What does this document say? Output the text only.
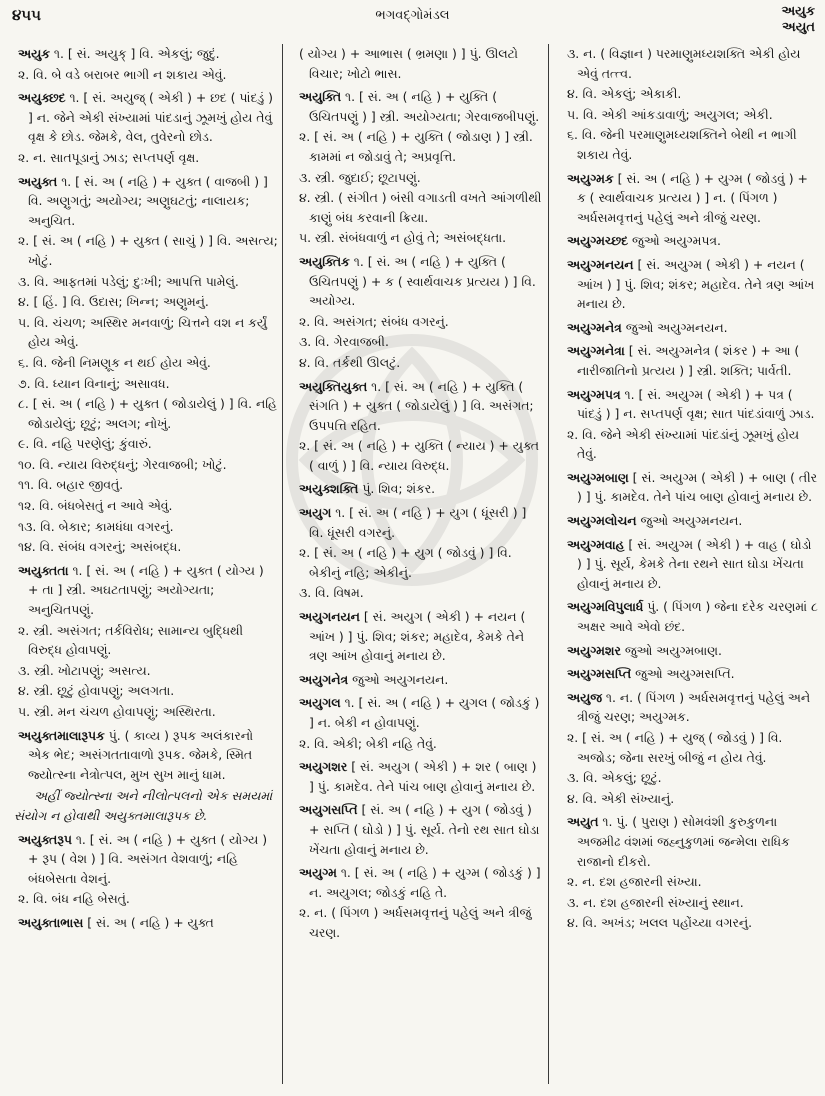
૪૫૫	ભગવદ્ગોમંડલ	અયુક
અયુત
અયુક ૧. [ સં. અયુક્ ] વિ. એકલું; જુદું.
૨. વિ. બે વડે બરાબર ભાગી ન શકાય એવું.
અયુક્છદ ૧. [ સં. અયુજ્ ( એકી ) + છદ ( પાંદડું ) ] ન. જેને એકી સંખ્યામાં પાંદડાનું ઝૂમખું હોય તેવું વૃક્ષ કે છોડ. જેમકે, વેલ, તુવેરનો છોડ.
૨. ન. સાતપૂડાનું ઝાડ; સપ્તપર્ણ વૃક્ષ.
અયુક્ત ૧. [ સં. અ ( નહિ ) + યુક્ત ( વાજબી ) ] વિ. અણુગતું; અયોગ્ય; અણુઘટતું; નાલાયક; અનુચિત.
૨. [ સં. અ ( નહિ ) + યુક્ત ( સાચું ) ] વિ. અસત્ય; ખોટું.
૩. વિ. આફતમાં પડેલું; દુઃખી; આપત્તિ પામેલું.
૪. [ હિં. ] વિ. ઉદાસ; ખિન્ન; અણુમનું.
૫. વિ. ચંચળ; અસ્થિર મનવાળું; ચિત્તને વશ ન કર્યું હોય એવું.
૬. વિ. જેની નિમણૂક ન થઈ હોય એવું.
૭. વિ. ધ્યાન વિનાનું; અસાવધ.
૮. [ સં. અ ( નહિ ) + યુક્ત ( જોડાયેલું ) ] વિ. નહિ જોડાયેલું; છૂટું; અલગ; નોખું.
૯. વિ. નહિ પરણેલું; કુંવારું.
૧૦. વિ. ન્યાય વિરુદ્ધનું; ગેરવાજબી; ખોટું.
૧૧. વિ. બહાર જીવતું.
૧૨. વિ. બંધબેસતું ન આવે એવું.
૧૩. વિ. બેકાર; કામધંધા વગરનું.
૧૪. વિ. સંબંધ વગરનું; અસંબદ્ધ.
અયુક્તતા ૧. [ સં. અ ( નહિ ) + યુક્ત ( યોગ્ય ) + તા ] સ્ત્રી. અઘટતાપણું; અયોગ્યતા; અનુચિતપણું.
૨. સ્ત્રી. અસંગત; તર્કવિરોધ; સામાન્ય બુદ્ધિથી વિરુદ્ધ હોવાપણું.
૩. સ્ત્રી. ખોટાપણું; અસત્ય.
૪. સ્ત્રી. છૂટું હોવાપણું; અલગતા.
૫. સ્ત્રી. મન ચંચળ હોવાપણું; અસ્થિરતા.
અયુક્તમાલારૂપક પું. ( કાવ્ય ) રૂપક અલંકારનો એક ભેદ; અસંગતતાવાળો રૂપક. જેમકે, સ્મિત જ્યોત્સ્ના નેત્રોત્પલ, મુખ સુખ માનું ધામ.
અહીં જ્યોત્સ્ના અને નીલોત્પલનો એક સમયમાં સંયોગ ન હોવાથી અયુક્તમાલારૂપક છે.
અયુક્તરૂપ ૧. [ સં. અ ( નહિ ) + યુક્ત ( યોગ્ય ) + રૂપ ( વેશ ) ] વિ. અસંગત વેશવાળું; નહિ બંધબેસતા વેશનું.
૨. વિ. બંધ નહિ બેસતું.
અયુક્તાભાસ [ સં. અ ( નહિ ) + યુક્ત
( યોગ્ય ) + આભાસ ( ભ્રમણા ) ] પું. ઊલટો વિચાર; ખોટો ભાસ.
અયુક્તિ ૧. [ સં. અ ( નહિ ) + યુક્તિ ( ઉચિતપણું ) ] સ્ત્રી. અયોગ્યતા; ગેરવાજબીપણું.
૨. [ સં. અ ( નહિ ) + યુક્તિ ( જોડાણ ) ] સ્ત્રી. કામમાં ન જોડાવું તે; અપ્રવૃત્તિ.
૩. સ્ત્રી. જુદાઈ; છૂટાપણું.
૪. સ્ત્રી. ( સંગીત ) બંસી વગાડતી વખતે આંગળીથી કાણું બંધ કરવાની ક્રિયા.
૫. સ્ત્રી. સંબંધવાળું ન હોવું તે; અસંબદ્ધતા.
અયુક્તિક ૧. [ સં. અ ( નહિ ) + યુક્તિ ( ઉચિતપણું ) + ક ( સ્વાર્થવાચક પ્રત્યય ) ] વિ. અયોગ્ય.
૨. વિ. અસંગત; સંબંધ વગરનું.
૩. વિ. ગેરવાજબી.
૪. વિ. તર્કથી ઊલટું.
અયુક્તિયુક્ત ૧. [ સં. અ ( નહિ ) + યુક્તિ ( સંગતિ ) + યુક્ત ( જોડાયેલું ) ] વિ. અસંગત; ઉપપત્તિ રહિત.
૨. [ સં. અ ( નહિ ) + યુક્તિ ( ન્યાય ) + યુક્ત ( વાળું ) ] વિ. ન્યાય વિરુદ્ધ.
અયુક્શક્તિ પું. શિવ; શંકર.
અયુગ ૧. [ સં. અ ( નહિ ) + યુગ ( ધૂંસરી ) ] વિ. ધૂંસરી વગરનું.
૨. [ સં. અ ( નહિ ) + યુગ ( જોડવું ) ] વિ. બેકીનું નહિ; એકીનું.
૩. વિ. વિષમ.
અયુગનયન [ સં. અયુગ ( એકી ) + નયન ( આંખ ) ] પું. શિવ; શંકર; મહાદેવ, કેમકે તેને ત્રણ આંખ હોવાનું મનાય છે.
અયુગનેત્ર જુઓ અયુગનયન.
અયુગલ ૧. [ સં. અ ( નહિ ) + યુગલ ( જોડકું ) ] ન. બેકી ન હોવાપણું.
૨. વિ. એકી; બેકી નહિ તેવું.
અયુગશર [ સં. અયુગ ( એકી ) + શર ( બાણ ) ] પું. કામદેવ. તેને પાંચ બાણ હોવાનું મનાય છે.
અયુગસપ્તિ [ સં. અ ( નહિ ) + યુગ ( જોડવું ) + સપ્તિ ( ઘોડો ) ] પું. સૂર્ય. તેનો રથ સાત ઘોડા ખેંચતા હોવાનું મનાય છે.
અયુગ્મ ૧. [ સં. અ ( નહિ ) + યુગ્મ ( જોડકું ) ] ન. અયુગલ; જોડકું નહિ તે.
૨. ન. ( પિંગળ ) અર્ધસમવૃત્તનું પહેલું અને ત્રીજું ચરણ.
૩. ન. ( વિજ્ઞાન ) પરમાણુમધ્યશક્તિ એકી હોય એવું તત્ત્વ.
૪. વિ. એકલું; એકાકી.
૫. વિ. એકી આંકડાવાળું; અયુગલ; એકી.
૬. વિ. જેની પરમાણુમધ્યશક્તિને બેથી ન ભાગી શકાય તેવું.
અયુગ્મક [ સં. અ ( નહિ ) + યુગ્મ ( જોડવું ) + ક ( સ્વાર્થવાચક પ્રત્યય ) ] ન. ( પિંગળ ) અર્ધસમવૃત્તનું પહેલું અને ત્રીજું ચરણ.
અયુગ્મચ્છદ જુઓ અયુગ્મપત્ર.
અયુગ્મનયન [ સં. અયુગ્મ ( એકી ) + નયન ( આંખ ) ] પું. શિવ; શંકર; મહાદેવ. તેને ત્રણ આંખ મનાય છે.
અયુગ્મનેત્ર જુઓ અયુગ્મનયન.
અયુગ્મનેત્રા [ સં. અયુગ્મનેત્ર ( શંકર ) + આ ( નારીજાતિનો પ્રત્યય ) ] સ્ત્રી. શક્તિ; પાર્વતી.
અયુગ્મપત્ર ૧. [ સં. અયુગ્મ ( એકી ) + પત્ર ( પાંદડું ) ] ન. સપ્તપર્ણ વૃક્ષ; સાત પાંદડાંવાળું ઝાડ.
૨. વિ. જેને એકી સંખ્યામાં પાંદડાંનું ઝૂમખું હોય તેવું.
અયુગ્મબાણ [ સં. અયુગ્મ ( એકી ) + બાણ ( તીર ) ] પું. કામદેવ. તેને પાંચ બાણ હોવાનું મનાય છે.
અયુગ્મલોચન જુઓ અયુગ્મનયન.
અયુગ્મવાહ [ સં. અયુગ્મ ( એકી ) + વાહ ( ઘોડો ) ] પું. સૂર્ય, કેમકે તેના રથને સાત ઘોડા ખેંચતા હોવાનું મનાય છે.
અયુગ્મવિપુલાર્ધ પું. ( પિંગળ ) જેના દરેક ચરણમાં ૮ અક્ષર આવે એવો છંદ.
અયુગ્મશર જુઓ અયુગ્મબાણ.
અયુગ્મસપ્તિ જુઓ અયુગ્મસપ્તિ.
અયુજ ૧. ન. ( પિંગળ ) અર્ધસમવૃત્તનું પહેલું અને ત્રીજું ચરણ; અયુગ્મક.
૨. [ સં. અ ( નહિ ) + યુજ્ ( જોડવું ) ] વિ. અજોડ; જેના સરખું બીજું ન હોય તેવું.
૩. વિ. એકલું; છૂટું.
૪. વિ. એકી સંખ્યાનું.
અયુત ૧. પું. ( પુરાણ ) સોમવંશી કુરુકુળના અજમીઢ વંશમાં જહ્નુકુળમાં જન્મેલા રાધિક રાજાનો દીકરો.
૨. ન. દશ હજારની સંખ્યા.
૩. ન. દશ હજારની સંખ્યાનું સ્થાન.
૪. વિ. અખંડ; ખલલ પહોંચ્યા વગરનું.
